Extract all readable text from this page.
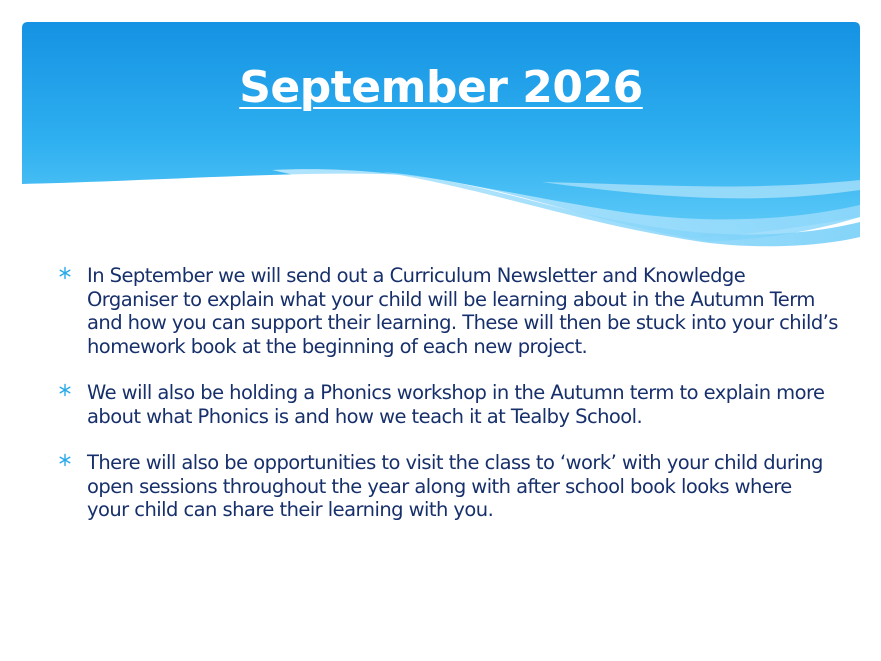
September 2026
In September we will send out a Curriculum Newsletter and Knowledge Organiser to explain what your child will be learning about in the Autumn Term and how you can support their learning. These will then be stuck into your child’s homework book at the beginning of each new project.
We will also be holding a Phonics workshop in the Autumn term to explain more about what Phonics is and how we teach it at Tealby School.
There will also be opportunities to visit the class to ‘work’ with your child during open sessions throughout the year along with after school book looks where your child can share their learning with you.
